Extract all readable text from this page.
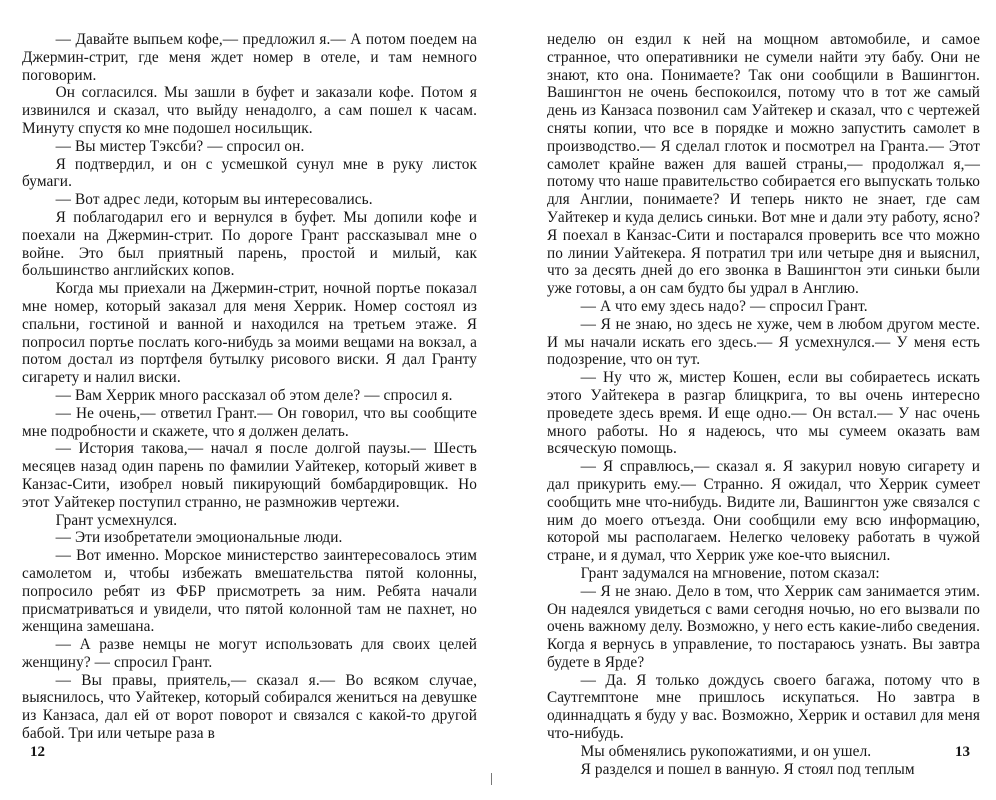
— Давайте выпьем кофе,— предложил я.— А потом поедем на Джермин-стрит, где меня ждет номер в отеле, и там немного поговорим.

Он согласился. Мы зашли в буфет и заказали кофе. Потом я извинился и сказал, что выйду ненадолго, а сам пошел к часам. Минуту спустя ко мне подошел носильщик.

— Вы мистер Тэксби? — спросил он.

Я подтвердил, и он с усмешкой сунул мне в руку листок бумаги.

— Вот адрес леди, которым вы интересовались.

Я поблагодарил его и вернулся в буфет. Мы допили кофе и поехали на Джермин-стрит. По дороге Грант рассказывал мне о войне. Это был приятный парень, простой и милый, как большинство английских копов.

Когда мы приехали на Джермин-стрит, ночной портье показал мне номер, который заказал для меня Херрик. Номер состоял из спальни, гостиной и ванной и находился на третьем этаже. Я попросил портье послать кого-нибудь за моими вещами на вокзал, а потом достал из портфеля бутылку рисового виски. Я дал Гранту сигарету и налил виски.

— Вам Херрик много рассказал об этом деле? — спросил я.

— Не очень,— ответил Грант.— Он говорил, что вы сообщите мне подробности и скажете, что я должен делать.

— История такова,— начал я после долгой паузы.— Шесть месяцев назад один парень по фамилии Уайтекер, который живет в Канзас-Сити, изобрел новый пикирующий бомбардировщик. Но этот Уайтекер поступил странно, не размножив чертежи.

Грант усмехнулся.

— Эти изобретатели эмоциональные люди.

— Вот именно. Морское министерство заинтересовалось этим самолетом и, чтобы избежать вмешательства пятой колонны, попросило ребят из ФБР присмотреть за ним. Ребята начали присматриваться и увидели, что пятой колонной там не пахнет, но женщина замешана.

— А разве немцы не могут использовать для своих целей женщину? — спросил Грант.

— Вы правы, приятель,— сказал я.— Во всяком случае, выяснилось, что Уайтекер, который собирался жениться на девушке из Канзаса, дал ей от ворот поворот и связался с какой-то другой бабой. Три или четыре раза в

12

неделю он ездил к ней на мощном автомобиле, и самое странное, что оперативники не сумели найти эту бабу. Они не знают, кто она. Понимаете? Так они сообщили в Вашингтон. Вашингтон не очень беспокоился, потому что в тот же самый день из Канзаса позвонил сам Уайтекер и сказал, что с чертежей сняты копии, что все в порядке и можно запустить самолет в производство.— Я сделал глоток и посмотрел на Гранта.— Этот самолет крайне важен для вашей страны,— продолжал я,— потому что наше правительство собирается его выпускать только для Англии, понимаете? И теперь никто не знает, где сам Уайтекер и куда делись синьки. Вот мне и дали эту работу, ясно? Я поехал в Канзас-Сити и постарался проверить все что можно по линии Уайтекера. Я потратил три или четыре дня и выяснил, что за десять дней до его звонка в Вашингтон эти синьки были уже готовы, а он сам будто бы удрал в Англию.

— А что ему здесь надо? — спросил Грант.

— Я не знаю, но здесь не хуже, чем в любом другом месте. И мы начали искать его здесь.— Я усмехнулся.— У меня есть подозрение, что он тут.

— Ну что ж, мистер Кошен, если вы собираетесь искать этого Уайтекера в разгар блицкрига, то вы очень интересно проведете здесь время. И еще одно.— Он встал.— У нас очень много работы. Но я надеюсь, что мы сумеем оказать вам всяческую помощь.

— Я справлюсь,— сказал я. Я закурил новую сигарету и дал прикурить ему.— Странно. Я ожидал, что Херрик сумеет сообщить мне что-нибудь. Видите ли, Вашингтон уже связался с ним до моего отъезда. Они сообщили ему всю информацию, которой мы располагаем. Нелегко человеку работать в чужой стране, и я думал, что Херрик уже кое-что выяснил.

Грант задумался на мгновение, потом сказал:

— Я не знаю. Дело в том, что Херрик сам занимается этим. Он надеялся увидеться с вами сегодня ночью, но его вызвали по очень важному делу. Возможно, у него есть какие-либо сведения. Когда я вернусь в управление, то постараюсь узнать. Вы завтра будете в Ярде?

— Да. Я только дождусь своего багажа, потому что в Саутгемптоне мне пришлось искупаться. Но завтра в одиннадцать я буду у вас. Возможно, Херрик и оставил для меня что-нибудь.

Мы обменялись рукопожатиями, и он ушел.

Я разделся и пошел в ванную. Я стоял под теплым

13
